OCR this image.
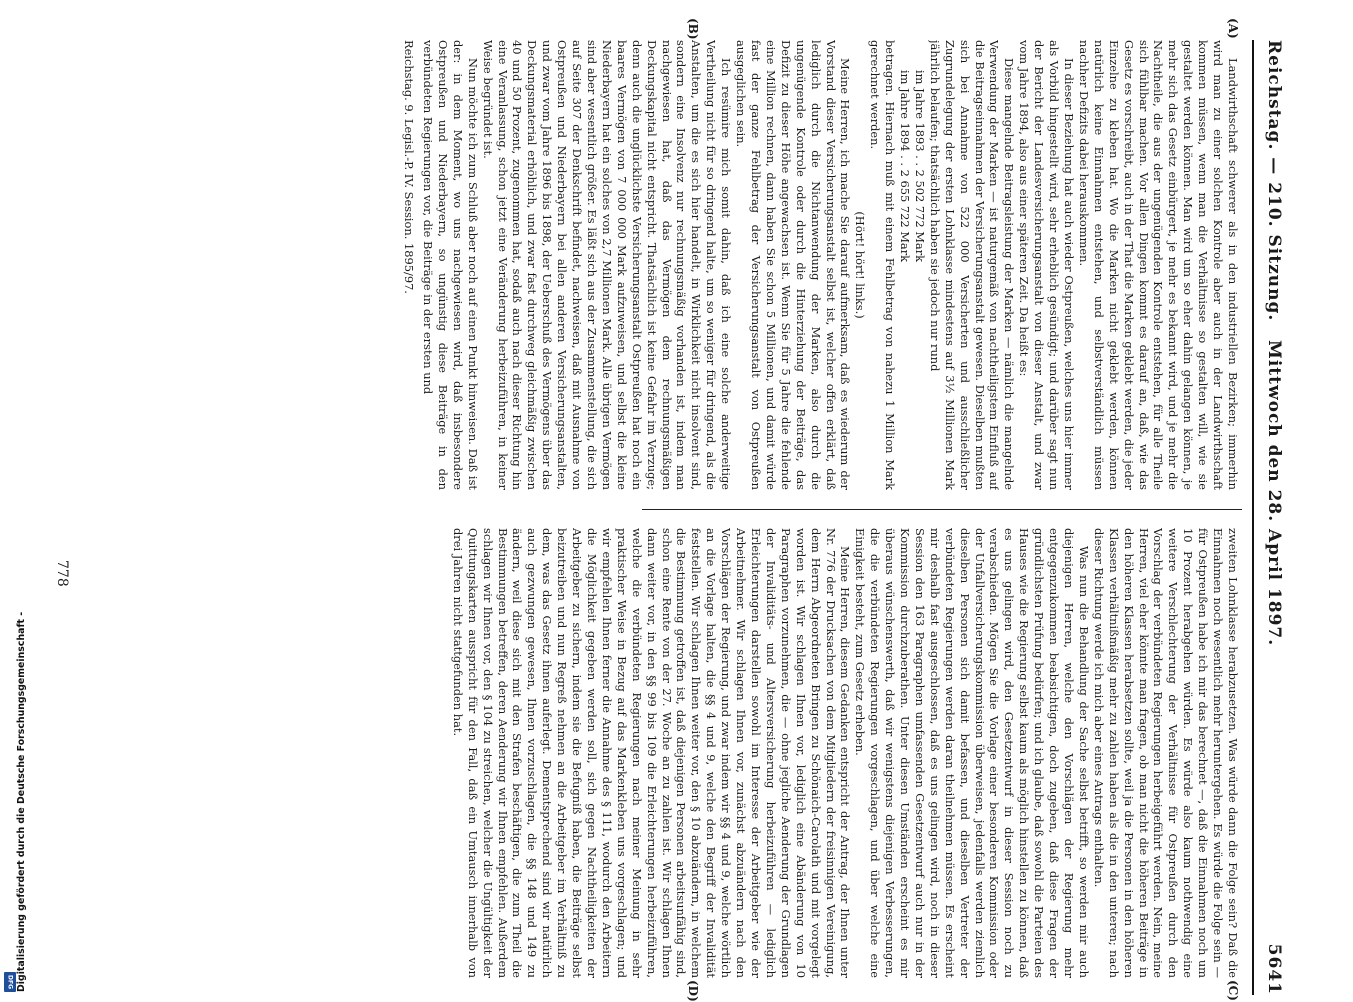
Reichstag. — 210. Sitzung.
Mittwoch den 28. April 1897.
5641
(A)
(B)
(C)
(D)

Landwirthschaft schwerer als in den industriellen Bezirken; immerhin wird man zu einer solchen Kontrole aber auch in der Landwirthschaft kommen müssen, wenn man die Verhältnisse so gestalten will, wie sie gestaltet werden können. Man wird um so eher dahin gelangen können, je mehr sich das Gesetz einbürgert, je mehr es bekannt wird, und je mehr die Nachtheile, die aus der ungenügenden Kontrole entstehen, für alle Theile sich fühlbar machen. Vor allen Dingen kommt es darauf an, daß, wie das Gesetz es vorschreibt, auch in der That die Marken geklebt werden, die jeder Einzelne zu kleben hat. Wo die Marken nicht geklebt werden, können natürlich keine Einnahmen entstehen, und selbstverständlich müssen nachher Defizits dabei herauskommen.

In dieser Beziehung hat auch wieder Ostpreußen, welches uns hier immer als Vorbild hingestellt wird, sehr erheblich gesündigt; und darüber sagt nun der Bericht der Landesversicherungsanstalt von dieser Anstalt, und zwar vom Jahre 1894, also aus einer späteren Zeit. Da heißt es:

Diese mangelnde Beitragsleistung der Marken — nämlich die mangelnde Verwendung der Marken — ist naturgemäß von nachtheiligstem Einfluß auf die Beitragseinnahmen der Versicherungsanstalt gewesen. Dieselben mußten sich bei Annahme von 522 000 Versicherten und ausschließlicher Zugrundelegung der ersten Lohnklasse mindestens auf 3½ Millionen Mark jährlich belaufen; thatsächlich haben sie jedoch nur rund

im Jahre 1893 . . 2 502 772 Mark

im Jahre 1894 . . 2 655 722 Mark

betragen. Hiernach muß mit einem Fehlbetrag von nahezu 1 Million Mark gerechnet werden.

(Hört! hört! links.)

Meine Herren, ich mache Sie darauf aufmerksam, daß es wiederum der Vorstand dieser Versicherungsanstalt selbst ist, welcher offen erklärt, daß lediglich durch die Nichtanwendung der Marken, also durch die ungenügende Kontrole oder durch die Hinterziehung der Beiträge, das Defizit zu dieser Höhe angewachsen ist. Wenn Sie für 5 Jahre die fehlende eine Million rechnen, dann haben Sie schon 5 Millionen, und damit würde fast der ganze Fehlbetrag der Versicherungsanstalt von Ostpreußen ausgeglichen sein.

Ich resümire mich somit dahin, daß ich eine solche anderweitige Vertheilung nicht für so dringend halte, um so weniger für dringend, als die Anstalten, um die es sich hier handelt, in Wirklichkeit nicht insolvent sind, sondern eine Insolvenz nur rechnungsmäßig vorhanden ist, indem man nachgewiesen hat, daß das Vermögen dem rechnungsmäßigen Deckungskapital nicht entspricht. Thatsächlich ist keine Gefahr im Verzuge; denn auch die unglücklichste Versicherungsanstalt Ostpreußen hat noch ein baares Vermögen von 7 000 000 Mark aufzuweisen, und selbst die kleine Niederbayern hat ein solches von 2,7 Millionen Mark. Alle übrigen Vermögen sind aber wesentlich größer. Es läßt sich aus der Zusammenstellung, die sich auf Seite 307 der Denkschrift befindet, nachweisen, daß mit Ausnahme von Ostpreußen und Niederbayern bei allen anderen Versicherungsanstalten, und zwar vom Jahre 1896 bis 1898, der Ueberschuß des Vermögens über das Deckungsmaterial erhöhlich, und zwar fast durchweg gleichmäßig zwischen 40 und 50 Prozent, zugenommen hat, sodaß auch nach dieser Richtung hin eine Veranlassung, schon jetzt eine Veränderung herbeizuführen, in keiner Weise begründet ist.

Nun möchte ich zum Schluß aber noch auf einen Punkt hinweisen. Daß ist der: in dem Moment, wo uns nachgewiesen wird, daß insbesondere Ostpreußen und Niederbayern, so ungünstig diese Beiträge in den verbündeten Regierungen vor, die Beiträge in der ersten und

Reichstag. 9. Legisl.-P. IV. Session. 1895/97.

zweiten Lohnklasse herabzusetzen. Was würde dann die Folge sein? Daß die Einnahmen noch wesentlich mehr heruntergehen. Es würde die Folge sein — für Ostpreußen habe ich mir das berechnet —, daß die Einnahmen noch um 10 Prozent herabgehen würden. Es würde also kaum nothwendig eine weitere Verschlechterung der Verhältnisse für Ostpreußen durch den Vorschlag der verbündeten Regierungen herbeigeführt werden. Nein, meine Herren, viel eher könnte man fragen, ob man nicht die höheren Beiträge in den höheren Klassen herabsetzen sollte, weil ja die Personen in den höheren Klassen verhältnißmäßig mehr zu zahlen haben als die in den unteren; nach dieser Richtung werde ich mich aber eines Antrags enthalten.

Was nun die Behandlung der Sache selbst betrifft, so werden mir auch diejenigen Herren, welche den Vorschlägen der Regierung mehr entgegenzukommen beabsichtigen, doch zugeben, daß diese Fragen der gründlichsten Prüfung bedürfen; und ich glaube, daß sowohl die Parteien des Hauses wie die Regierung selbst kaum als möglich hinstellen zu können, daß es uns gelingen wird, den Gesetzentwurf in dieser Session noch zu verabschieden. Mögen Sie die Vorlage einer besonderen Kommission oder der Unfallversicherungskommission überweisen, jedenfalls werden ziemlich dieselben Personen sich damit befassen, und dieselben Vertreter der verbündeten Regierungen werden daran theilnehmen müssen. Es erscheint mir deshalb fast ausgeschlossen, daß es uns gelingen wird, noch in dieser Session den 163 Paragraphen umfassenden Gesetzentwurf auch nur in der Kommission durchzuberathen. Unter diesen Umständen erscheint es mir überaus wünschenswerth, daß wir wenigstens diejenigen Verbesserungen, die die verbündeten Regierungen vorgeschlagen, und über welche eine Einigkeit besteht, zum Gesetz erheben.

Meine Herren, diesem Gedanken entspricht der Antrag, der Ihnen unter Nr. 776 der Drucksachen von dem Mitgliedern der freisinnigen Vereinigung, dem Herrn Abgeordneten Bringen zu Schönaich-Carolath und mit vorgelegt worden ist. Wir schlagen Ihnen vor, lediglich eine Abänderung von 10 Paragraphen vorzunehmen, die — ohne jegliche Aenderung der Grundlagen der Invaliditäts- und Altersversicherung herbeizuführen — lediglich Erleichterungen darstellen sowohl im Interesse der Arbeitgeber wie der Arbeitnehmer. Wir schlagen Ihnen vor, zunächst abzuändern nach den Vorschlägen der Regierung, und zwar indem wir §§ 4 und 9, welche wörtlich an die Vorlage halten, die §§ 4 und 9, welche den Begriff der Invalidität feststellen. Wir schlagen Ihnen weiter vor, den § 10 abzuändern, in welchem die Bestimmung getroffen ist, daß diejenigen Personen arbeitsunfähig sind, schon eine Rente von der 27. Woche an zu zahlen ist. Wir schlagen Ihnen dann weiter vor, in den §§ 99 bis 109 die Erleichterungen herbeizuführen, welche die verbündeten Regierungen nach meiner Meinung in sehr praktischer Weise in Bezug auf das Markenkleben uns vorgeschlagen; und wir empfehlen Ihnen ferner die Annahme des § 111, wodurch den Arbeitern die Möglichkeit gegeben werden soll, sich gegen Nachtheiligkeiten der Arbeitgeber zu sichern, indem sie die Befugniß haben, die Beiträge selbst beizutreiben und nun Regreß nehmen an die Arbeitgeber im Verhältniß zu dem, was das Gesetz ihnen auferlegt. Dementsprechend sind wir natürlich auch gezwungen gewesen, Ihnen vorzuschlagen, die §§ 148 und 149 zu ändern, weil diese sich mit den Strafen beschäftigen, die zum Theil die Bestimmungen betreffen, deren Aenderung wir Ihnen empfehlen. Außerdem schlagen wir Ihnen vor, den § 104 zu streichen, welcher die Ungültigkeit der Quittungskarten ausspricht für den Fall, daß ein Umtausch innerhalb von drei Jahren nicht stattgefunden hat.

778
Digitalisierung gefördert durch die Deutsche Forschungsgemeinschaft -
DFG
